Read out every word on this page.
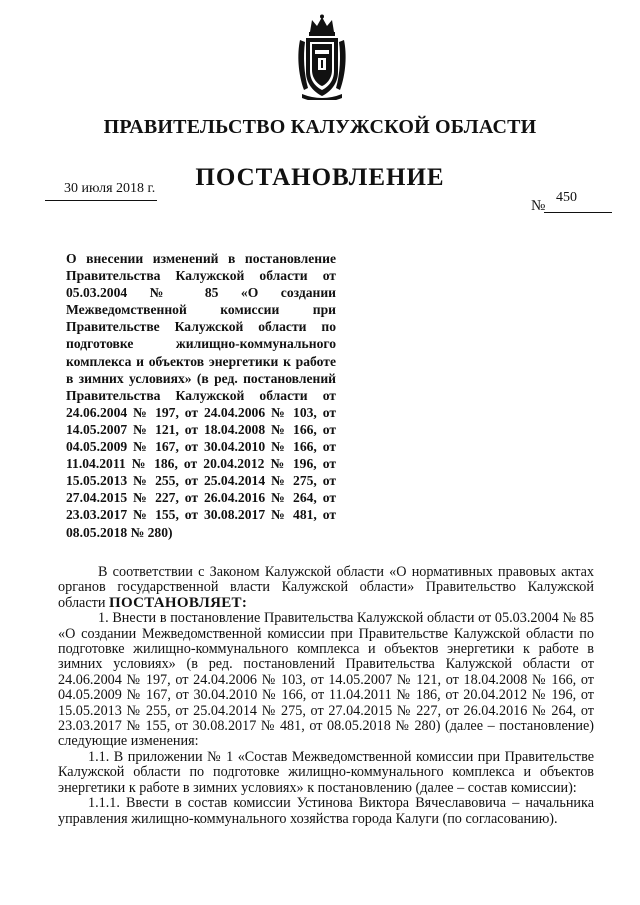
ПРАВИТЕЛЬСТВО КАЛУЖСКОЙ ОБЛАСТИ
ПОСТАНОВЛЕНИЕ
30 июля 2018 г.
№
450
О внесении изменений в постановление Правительства Калужской области от 05.03.2004 № 85 «О создании Межведомственной комиссии при Правительстве Калужской области по подготовке жилищно-коммунального комплекса и объектов энергетики к работе в зимних условиях» (в ред. постановлений Правительства Калужской области от 24.06.2004 № 197, от 24.04.2006 № 103, от 14.05.2007 № 121, от 18.04.2008 № 166, от 04.05.2009 № 167, от 30.04.2010 № 166, от 11.04.2011 № 186, от 20.04.2012 № 196, от 15.05.2013 № 255, от 25.04.2014 № 275, от 27.04.2015 № 227, от 26.04.2016 № 264, от 23.03.2017 № 155, от 30.08.2017 № 481, от 08.05.2018 № 280)

В соответствии с Законом Калужской области «О нормативных правовых актах органов государственной власти Калужской области» Правительство Калужской области ПОСТАНОВЛЯЕТ:

1. Внести в постановление Правительства Калужской области от 05.03.2004 № 85 «О создании Межведомственной комиссии при Правительстве Калужской области по подготовке жилищно-коммунального комплекса и объектов энергетики к работе в зимних условиях» (в ред. постановлений Правительства Калужской области от 24.06.2004 № 197, от 24.04.2006 № 103, от 14.05.2007 № 121, от 18.04.2008 № 166, от 04.05.2009 № 167, от 30.04.2010 № 166, от 11.04.2011 № 186, от 20.04.2012 № 196, от 15.05.2013 № 255, от 25.04.2014 № 275, от 27.04.2015 № 227, от 26.04.2016 № 264, от 23.03.2017 № 155, от 30.08.2017 № 481, от 08.05.2018 № 280) (далее – постановление) следующие изменения:

1.1. В приложении № 1 «Состав Межведомственной комиссии при Правительстве Калужской области по подготовке жилищно-коммунального комплекса и объектов энергетики к работе в зимних условиях» к постановлению (далее – состав комиссии):

1.1.1. Ввести в состав комиссии Устинова Виктора Вячеславовича – начальника управления жилищно-коммунального хозяйства города Калуги (по согласованию).
